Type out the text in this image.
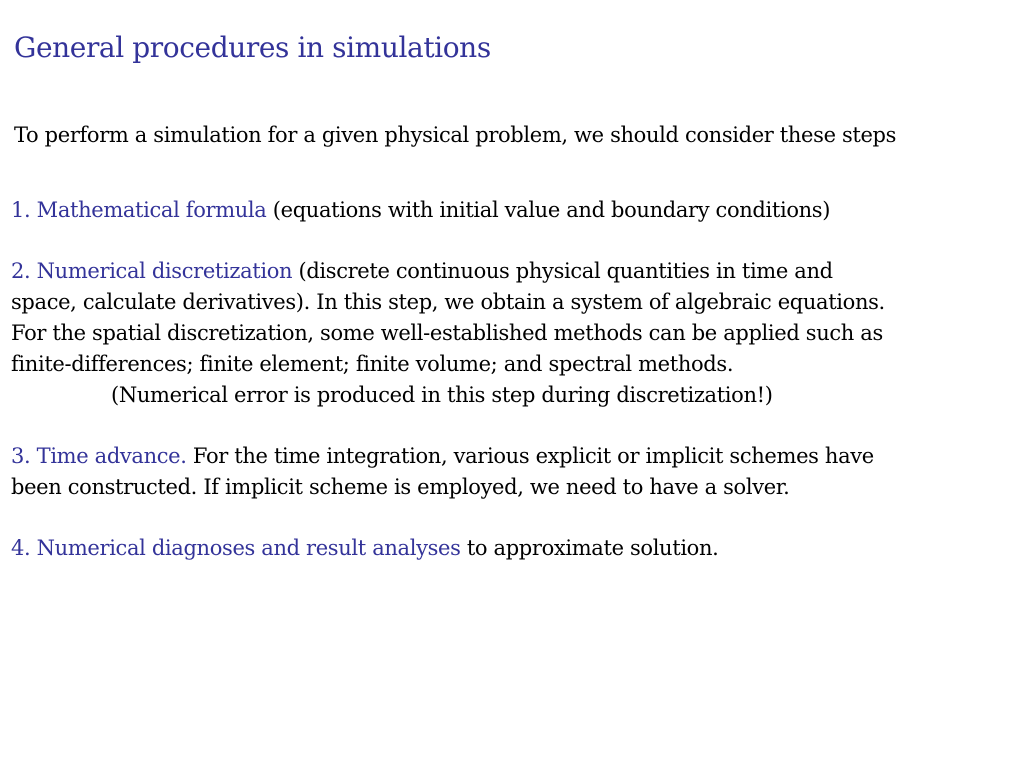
General procedures in simulations

To perform a simulation for a given physical problem, we should consider these steps

1. Mathematical formula (equations with initial value and boundary conditions)

2. Numerical discretization (discrete continuous physical quantities in time and
space, calculate derivatives). In this step, we obtain a system of algebraic equations.
For the spatial discretization, some well-established methods can be applied such as
finite-differences; finite element; finite volume; and spectral methods.
(Numerical error is produced in this step during discretization!)
3. Time advance. For the time integration, various explicit or implicit schemes have
been constructed. If implicit scheme is employed, we need to have a solver.

4. Numerical diagnoses and result analyses to approximate solution.
